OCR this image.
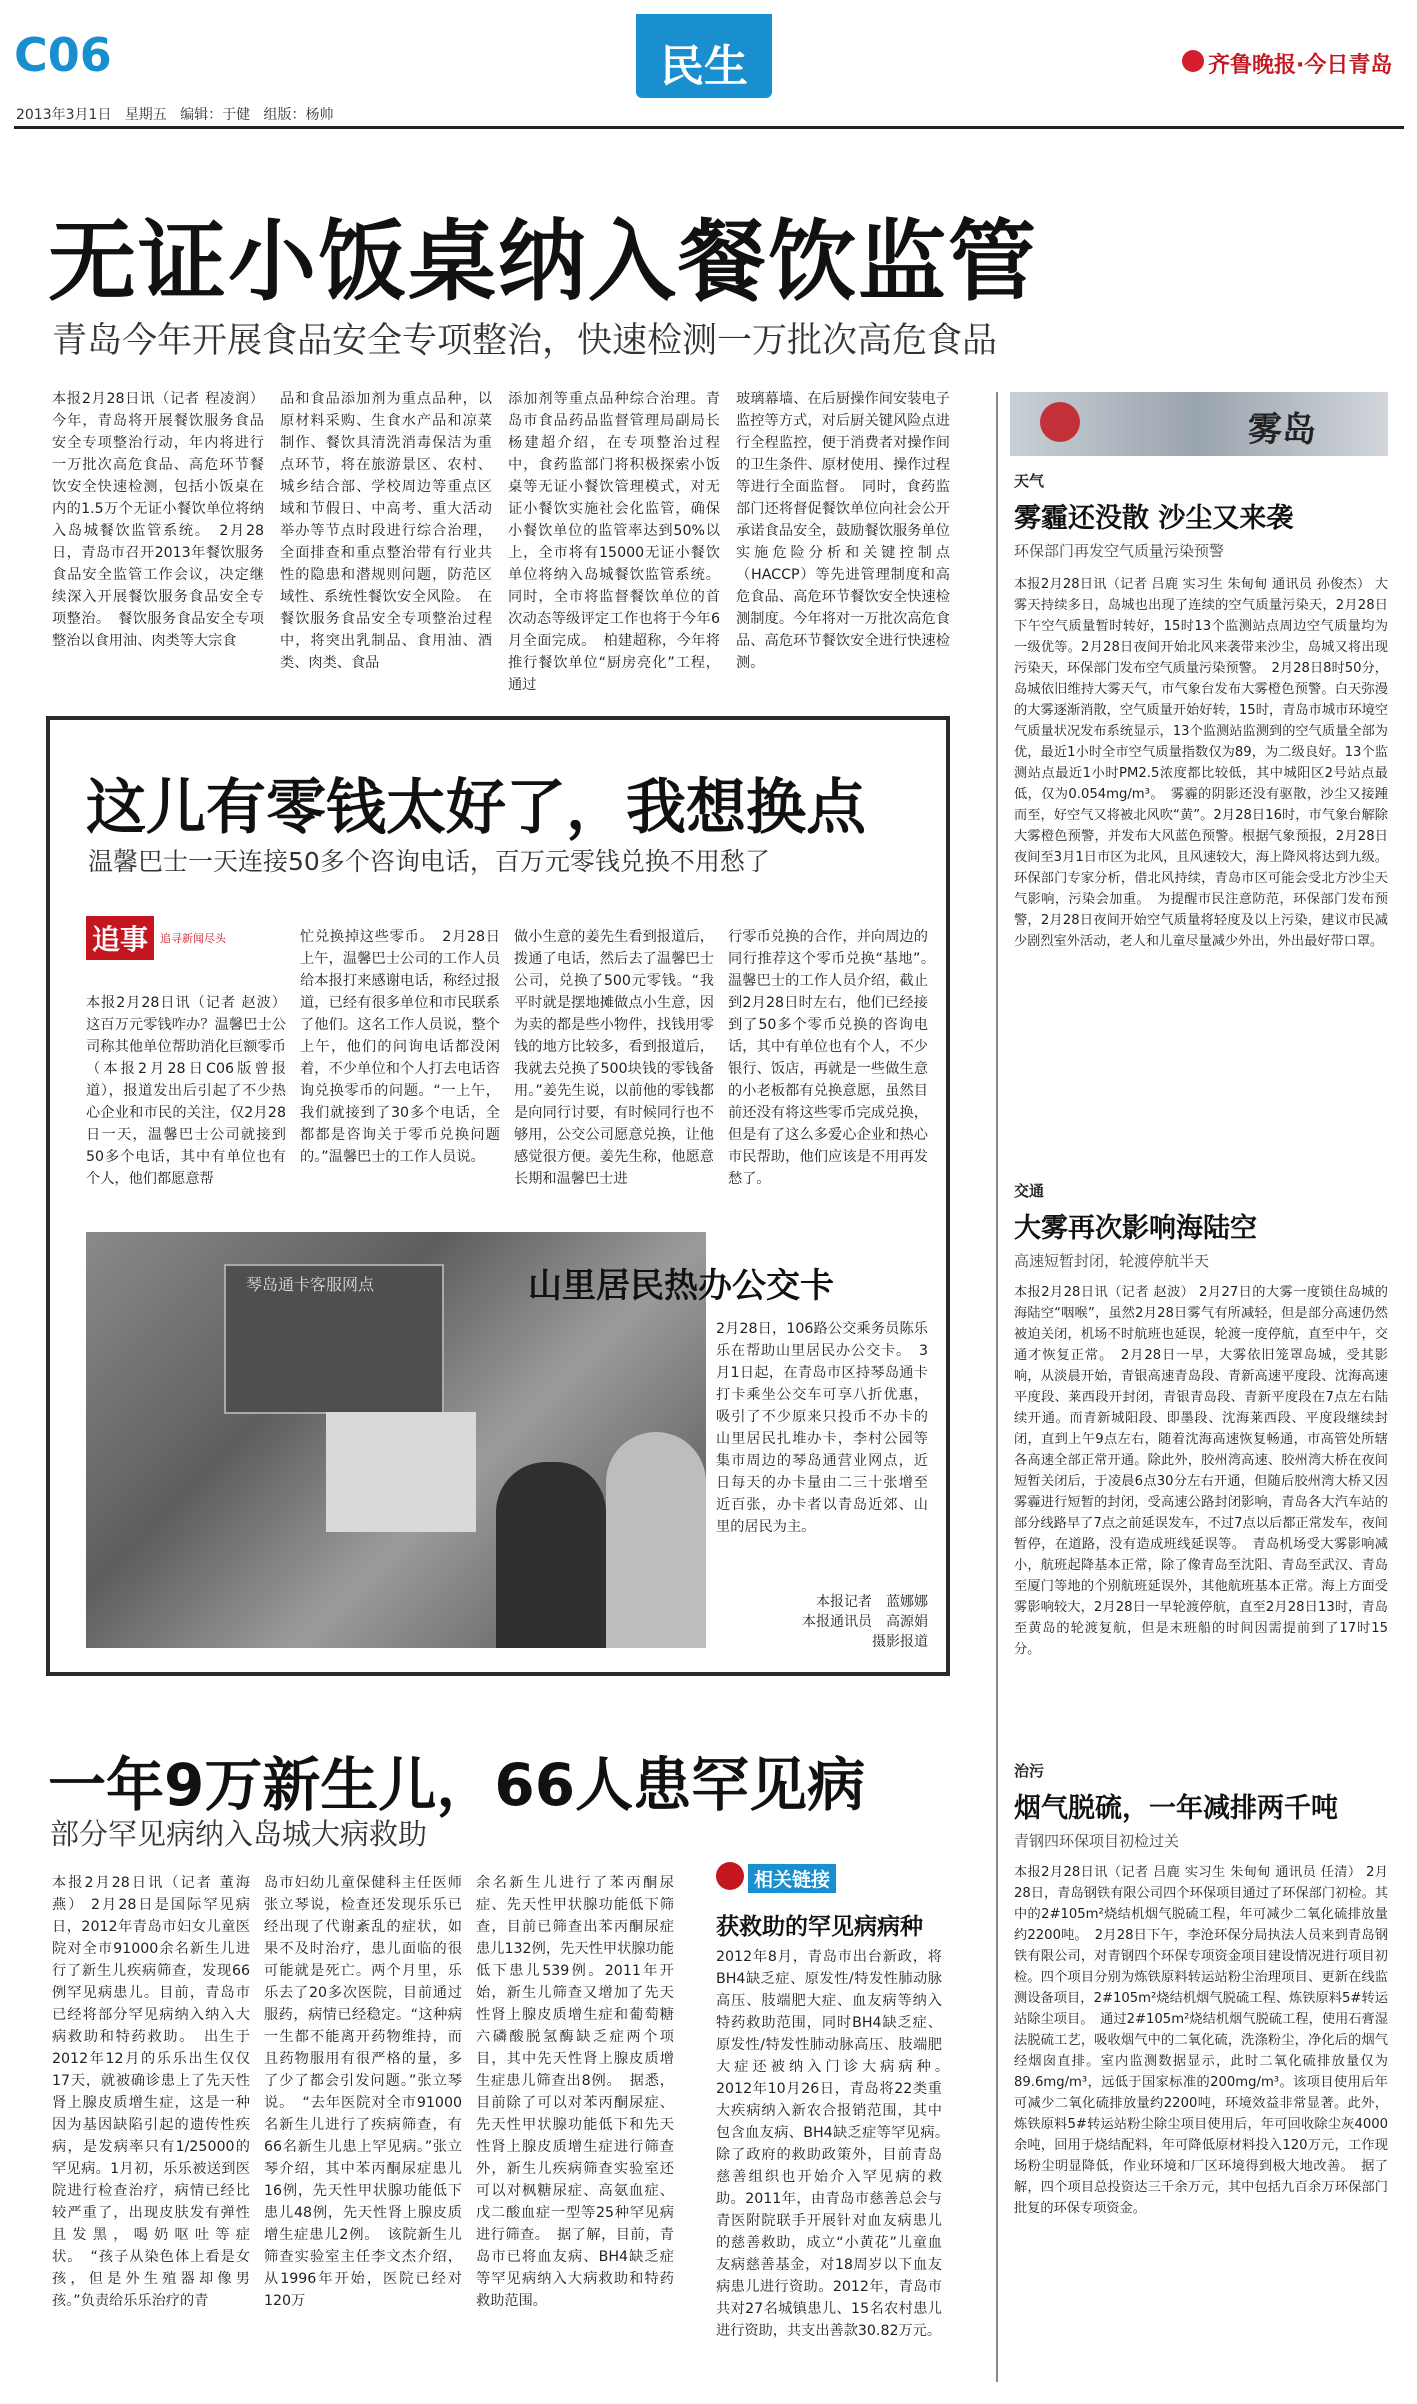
C06
2013年3月1日 星期五 编辑：于健 组版：杨帅
民生	齐鲁晚报·今日青岛
无证小饭桌纳入餐饮监管
青岛今年开展食品安全专项整治，快速检测一万批次高危食品
本报2月28日讯（记者 程凌润） 今年，青岛将开展餐饮服务食品安全专项整治行动，年内将进行一万批次高危食品、高危环节餐饮安全快速检测，包括小饭桌在内的1.5万个无证小餐饮单位将纳入岛城餐饮监管系统。　2月28日，青岛市召开2013年餐饮服务食品安全监管工作会议，决定继续深入开展餐饮服务食品安全专项整治。　餐饮服务食品安全专项整治以食用油、肉类等大宗食
品和食品添加剂为重点品种，以原材料采购、生食水产品和凉菜制作、餐饮具清洗消毒保洁为重点环节，将在旅游景区、农村、城乡结合部、学校周边等重点区域和节假日、中高考、重大活动举办等节点时段进行综合治理，全面排查和重点整治带有行业共性的隐患和潜规则问题，防范区域性、系统性餐饮安全风险。　在餐饮服务食品安全专项整治过程中，将突出乳制品、食用油、酒类、肉类、食品
添加剂等重点品种综合治理。青岛市食品药品监督管理局副局长杨建超介绍，在专项整治过程中，食药监部门将积极探索小饭桌等无证小餐饮管理模式，对无证小餐饮实施社会化监管，确保小餐饮单位的监管率达到50%以上，全市将有15000无证小餐饮单位将纳入岛城餐饮监管系统。同时，全市将监督餐饮单位的首次动态等级评定工作也将于今年6月全面完成。　柏建超称，今年将推行餐饮单位“厨房亮化”工程，通过
玻璃幕墙、在后厨操作间安装电子监控等方式，对后厨关键风险点进行全程监控，便于消费者对操作间的卫生条件、原材使用、操作过程等进行全面监督。　同时，食药监部门还将督促餐饮单位向社会公开承诺食品安全，鼓励餐饮服务单位实施危险分析和关键控制点（HACCP）等先进管理制度和高危食品、高危环节餐饮安全快速检测制度。今年将对一万批次高危食品、高危环节餐饮安全进行快速检测。
这儿有零钱太好了，我想换点
温馨巴士一天连接50多个咨询电话，百万元零钱兑换不用愁了
追事	追寻新闻尽头
本报2月28日讯（记者 赵波） 这百万元零钱咋办？温馨巴士公司称其他单位帮助消化巨额零币（本报2月28日C06版曾报道），报道发出后引起了不少热心企业和市民的关注，仅2月28日一天，温馨巴士公司就接到50多个电话，其中有单位也有个人，他们都愿意帮
忙兑换掉这些零币。　2月28日上午，温馨巴士公司的工作人员给本报打来感谢电话，称经过报道，已经有很多单位和市民联系了他们。这名工作人员说，整个上午，他们的问询电话都没闲着，不少单位和个人打去电话咨询兑换零币的问题。“一上午，我们就接到了30多个电话，全都都是咨询关于零币兑换问题的。”温馨巴士的工作人员说。
做小生意的姜先生看到报道后，拨通了电话，然后去了温馨巴士公司，兑换了500元零钱。“我平时就是摆地摊做点小生意，因为卖的都是些小物件，找钱用零钱的地方比较多，看到报道后，我就去兑换了500块钱的零钱备用。”姜先生说，以前他的零钱都是向同行讨要，有时候同行也不够用，公交公司愿意兑换，让他感觉很方便。姜先生称，他愿意长期和温馨巴士进
行零币兑换的合作，并向周边的同行推荐这个零币兑换“基地”。　温馨巴士的工作人员介绍，截止到2月28日时左右，他们已经接到了50多个零币兑换的咨询电话，其中有单位也有个人，不少银行、饭店，再就是一些做生意的小老板都有兑换意愿，虽然目前还没有将这些零币完成兑换，但是有了这么多爱心企业和热心市民帮助，他们应该是不用再发愁了。
琴岛通卡客服网点	山里居民热办公交卡
2月28日，106路公交乘务员陈乐乐在帮助山里居民办公交卡。　3月1日起，在青岛市区持琴岛通卡打卡乘坐公交车可享八折优惠，吸引了不少原来只投币不办卡的山里居民扎堆办卡，李村公园等集市周边的琴岛通营业网点，近日每天的办卡量由二三十张增至近百张，办卡者以青岛近郊、山里的居民为主。
本报记者　蓝娜娜
本报通讯员　高源娟
摄影报道
一年9万新生儿，66人患罕见病
部分罕见病纳入岛城大病救助
本报2月28日讯（记者 董海燕） 2月28日是国际罕见病日，2012年青岛市妇女儿童医院对全市91000余名新生儿进行了新生儿疾病筛查，发现66例罕见病患儿。目前，青岛市已经将部分罕见病纳入纳入大病救助和特药救助。　出生于2012年12月的乐乐出生仅仅17天，就被确诊患上了先天性肾上腺皮质增生症，这是一种因为基因缺陷引起的遗传性疾病，是发病率只有1/25000的罕见病。1月初，乐乐被送到医院进行检查治疗，病情已经比较严重了，出现皮肤发有弹性且发黑，喝奶呕吐等症状。　“孩子从染色体上看是女孩，但是外生殖器却像男孩。”负责给乐乐治疗的青
岛市妇幼儿童保健科主任医师张立琴说，检查还发现乐乐已经出现了代谢紊乱的症状，如果不及时治疗，患儿面临的很可能就是死亡。两个月里，乐乐去了20多次医院，目前通过服药，病情已经稳定。“这种病一生都不能离开药物维持，而且药物服用有很严格的量，多了少了都会引发问题。”张立琴说。　“去年医院对全市91000名新生儿进行了疾病筛查，有66名新生儿患上罕见病。”张立琴介绍，其中苯丙酮尿症患儿16例，先天性甲状腺功能低下患儿48例，先天性肾上腺皮质增生症患儿2例。　该院新生儿筛查实验室主任李文杰介绍，从1996年开始，医院已经对120万
余名新生儿进行了苯丙酮尿症、先天性甲状腺功能低下筛查，目前已筛查出苯丙酮尿症患儿132例，先天性甲状腺功能低下患儿539例。2011年开始，新生儿筛查又增加了先天性肾上腺皮质增生症和葡萄糖六磷酸脱氢酶缺乏症两个项目，其中先天性肾上腺皮质增生症患儿筛查出8例。　据悉，目前除了可以对苯丙酮尿症、先天性甲状腺功能低下和先天性肾上腺皮质增生症进行筛查外，新生儿疾病筛查实验室还可以对枫糖尿症、高氨血症、戊二酸血症一型等25种罕见病进行筛查。　据了解，目前，青岛市已将血友病、BH4缺乏症等罕见病纳入大病救助和特药救助范围。
相关链接
获救助的罕见病病种
2012年8月，青岛市出台新政，将BH4缺乏症、原发性/特发性肺动脉高压、肢端肥大症、血友病等纳入特药救助范围，同时BH4缺乏症、原发性/特发性肺动脉高压、肢端肥大症还被纳入门诊大病病种。　2012年10月26日，青岛将22类重大疾病纳入新农合报销范围，其中包含血友病、BH4缺乏症等罕见病。　除了政府的救助政策外，目前青岛慈善组织也开始介入罕见病的救助。2011年，由青岛市慈善总会与青医附院联手开展针对血友病患儿的慈善救助，成立“小黄花”儿童血友病慈善基金，对18周岁以下血友病患儿进行资助。2012年，青岛市共对27名城镇患儿、15名农村患儿进行资助，共支出善款30.82万元。
雾岛
天气
雾霾还没散 沙尘又来袭
环保部门再发空气质量污染预警
本报2月28日讯（记者 吕鹿 实习生 朱甸甸 通讯员 孙俊杰） 大雾天持续多日，岛城也出现了连续的空气质量污染天，2月28日下午空气质量暂时转好，15时13个监测站点周边空气质量均为一级优等。2月28日夜间开始北风来袭带来沙尘，岛城又将出现污染天，环保部门发布空气质量污染预警。　2月28日8时50分，岛城依旧维持大雾天气，市气象台发布大雾橙色预警。白天弥漫的大雾逐渐消散，空气质量开始好转，15时，青岛市城市环境空气质量状况发布系统显示，13个监测站监测到的空气质量全部为优，最近1小时全市空气质量指数仅为89，为二级良好。13个监测站点最近1小时PM2.5浓度都比较低，其中城阳区2号站点最低，仅为0.054mg/m³。　雾霾的阴影还没有驱散，沙尘又接踵而至，好空气又将被北风吹“黄”。2月28日16时，市气象台解除大雾橙色预警，并发布大风蓝色预警。根据气象预报，2月28日夜间至3月1日市区为北风，且风速较大，海上降风将达到九级。环保部门专家分析，借北风持续，青岛市区可能会受北方沙尘天气影响，污染会加重。　为提醒市民注意防范，环保部门发布预警，2月28日夜间开始空气质量将轻度及以上污染，建议市民减少剧烈室外活动，老人和儿童尽量减少外出，外出最好带口罩。
交通
大雾再次影响海陆空
高速短暂封闭，轮渡停航半天
本报2月28日讯（记者 赵波） 2月27日的大雾一度锁住岛城的海陆空“咽喉”，虽然2月28日雾气有所减轻，但是部分高速仍然被迫关闭，机场不时航班也延误，轮渡一度停航，直至中午，交通才恢复正常。　2月28日一早，大雾依旧笼罩岛城，受其影响，从淡晨开始，青银高速青岛段、青新高速平度段、沈海高速平度段、莱西段开封闭，青银青岛段、青新平度段在7点左右陆续开通。而青新城阳段、即墨段、沈海莱西段、平度段继续封闭，直到上午9点左右，随着沈海高速恢复畅通，市高管处所辖各高速全部正常开通。除此外，胶州湾高速、胶州湾大桥在夜间短暂关闭后，于凌晨6点30分左右开通，但随后胶州湾大桥又因雾霾进行短暂的封闭，受高速公路封闭影响，青岛各大汽车站的部分线路早了7点之前延误发车，不过7点以后都正常发车，夜间暂停，在道路，没有造成班线延误等。　青岛机场受大雾影响减小，航班起降基本正常，除了像青岛至沈阳、青岛至武汉、青岛至厦门等地的个别航班延误外，其他航班基本正常。海上方面受雾影响较大，2月28日一早轮渡停航，直至2月28日13时，青岛至黄岛的轮渡复航，但是末班船的时间因需提前到了17时15分。
治污
烟气脱硫，一年减排两千吨
青钢四环保项目初检过关
本报2月28日讯（记者 吕鹿 实习生 朱甸甸 通讯员 任清） 2月28日，青岛钢铁有限公司四个环保项目通过了环保部门初检。其中的2#105m²烧结机烟气脱硫工程，年可减少二氧化硫排放量约2200吨。　2月28日下午，李沧环保分局执法人员来到青岛钢铁有限公司，对青钢四个环保专项资金项目建设情况进行项目初检。四个项目分别为炼铁原料转运站粉尘治理项目、更新在线监测设备项目，2#105m²烧结机烟气脱硫工程、炼铁原料5#转运站除尘项目。　通过2#105m²烧结机烟气脱硫工程，使用石膏湿法脱硫工艺，吸收烟气中的二氧化硫，洗涤粉尘，净化后的烟气经烟囱直排。室内监测数据显示，此时二氧化硫排放量仅为89.6mg/m³，远低于国家标准的200mg/m³。该项目使用后年可减少二氧化硫排放量约2200吨，环境效益非常显著。此外，炼铁原料5#转运站粉尘除尘项目使用后，年可回收除尘灰4000余吨，回用于烧结配料，年可降低原材料投入120万元，工作现场粉尘明显降低，作业环境和厂区环境得到极大地改善。　据了解，四个项目总投资达三千余万元，其中包括九百余万环保部门批复的环保专项资金。
